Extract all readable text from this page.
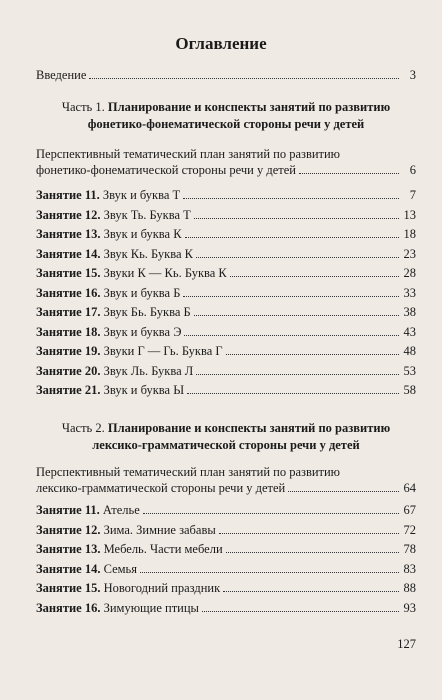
Оглавление
Введение	3
Часть 1. Планирование и конспекты занятий по развитию
фонетико-фонематической стороны речи у детей
Перспективный тематический план занятий по развитию
фонетико-фонематической стороны речи у детей	6
Занятие 11. Звук и буква Т	7
Занятие 12. Звук Ть. Буква Т	13
Занятие 13. Звук и буква К	18
Занятие 14. Звук Кь. Буква К	23
Занятие 15. Звуки К — Кь. Буква К	28
Занятие 16. Звук и буква Б	33
Занятие 17. Звук Бь. Буква Б	38
Занятие 18. Звук и буква Э	43
Занятие 19. Звуки Г — Гь. Буква Г	48
Занятие 20. Звук Ль. Буква Л	53
Занятие 21. Звук и буква Ы	58
Часть 2. Планирование и конспекты занятий по развитию
лексико-грамматической стороны речи у детей
Перспективный тематический план занятий по развитию
лексико-грамматической стороны речи у детей	64
Занятие 11. Ателье	67
Занятие 12. Зима. Зимние забавы	72
Занятие 13. Мебель. Части мебели	78
Занятие 14. Семья	83
Занятие 15. Новогодний праздник	88
Занятие 16. Зимующие птицы	93
127
